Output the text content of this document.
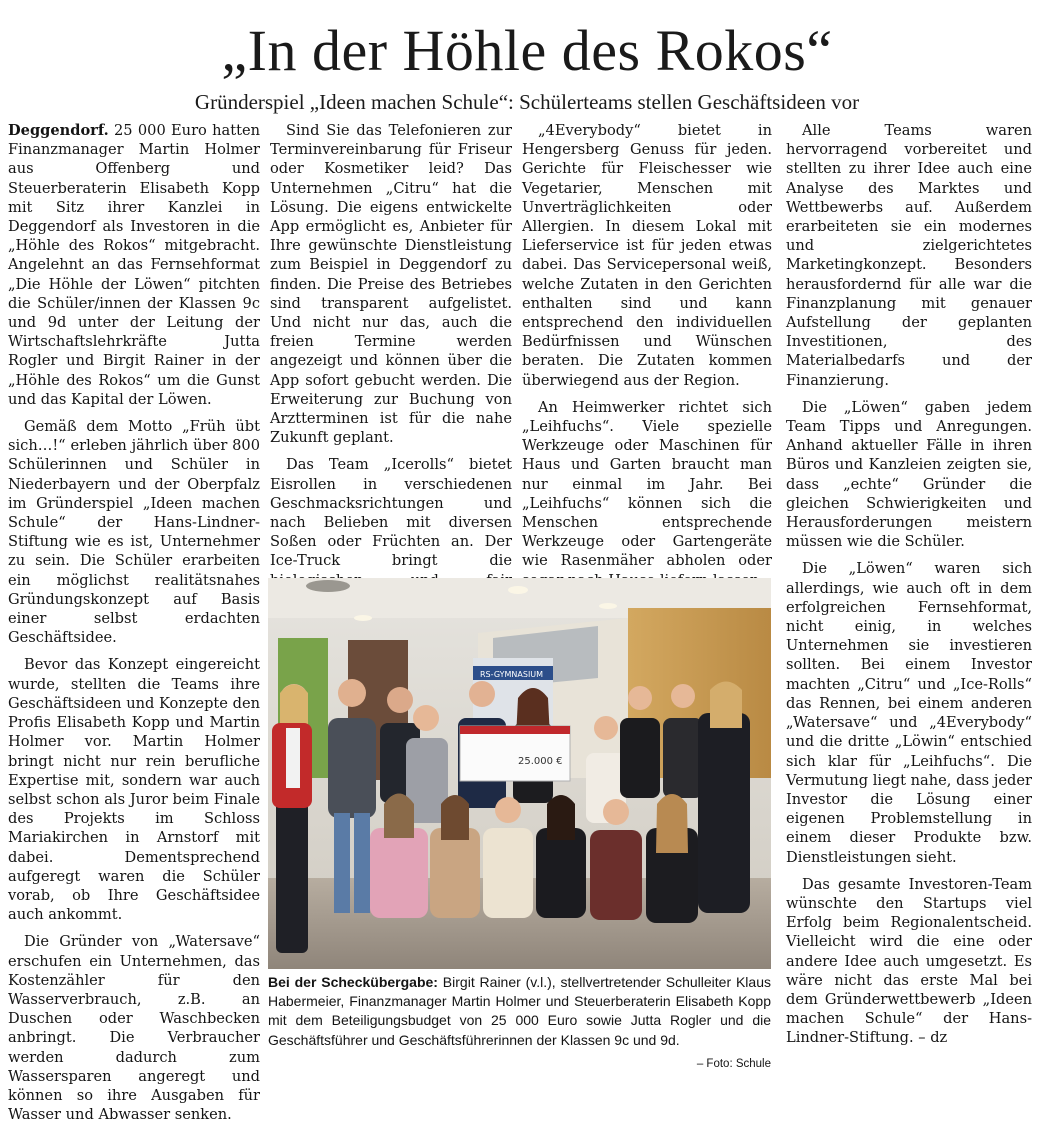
„In der Höhle des Rokos“
Gründerspiel „Ideen machen Schule“: Schülerteams stellen Geschäftsideen vor

Deggendorf. 25 000 Euro hatten Finanzmanager Martin Holmer aus Offenberg und Steuerberaterin Elisabeth Kopp mit Sitz ihrer Kanzlei in Deggendorf als Investoren in die „Höhle des Rokos“ mitgebracht. Angelehnt an das Fernsehformat „Die Höhle der Löwen“ pitchten die Schüler/innen der Klassen 9c und 9d unter der Leitung der Wirtschaftslehrkräfte Jutta Rogler und Birgit Rainer in der „Höhle des Rokos“ um die Gunst und das Kapital der Löwen.

Gemäß dem Motto „Früh übt sich…!“ erleben jährlich über 800 Schülerinnen und Schüler in Niederbayern und der Oberpfalz im Gründerspiel „Ideen machen Schule“ der Hans-Lindner-Stiftung wie es ist, Unternehmer zu sein. Die Schüler erarbeiten ein möglichst realitätsnahes Gründungskonzept auf Basis einer selbst erdachten Geschäftsidee.

Bevor das Konzept eingereicht wurde, stellten die Teams ihre Geschäftsideen und Konzepte den Profis Elisabeth Kopp und Martin Holmer vor. Martin Holmer bringt nicht nur rein berufliche Expertise mit, sondern war auch selbst schon als Juror beim Finale des Projekts im Schloss Mariakirchen in Arnstorf mit dabei. Dementsprechend aufgeregt waren die Schüler vorab, ob Ihre Geschäftsidee auch ankommt.

Die Gründer von „Watersave“ erschufen ein Unternehmen, das Kostenzähler für den Wasserverbrauch, z.B. an Duschen oder Waschbecken anbringt. Die Verbraucher werden dadurch zum Wassersparen angeregt und können so ihre Ausgaben für Wasser und Abwasser senken.

Sind Sie das Telefonieren zur Terminvereinbarung für Friseur oder Kosmetiker leid? Das Unternehmen „Citru“ hat die Lösung. Die eigens entwickelte App ermöglicht es, Anbieter für Ihre gewünschte Dienstleistung zum Beispiel in Deggendorf zu finden. Die Preise des Betriebes sind transparent aufgelistet. Und nicht nur das, auch die freien Termine werden angezeigt und können über die App sofort gebucht werden. Die Erweiterung zur Buchung von Arztterminen ist für die nahe Zukunft geplant.

Das Team „Icerolls“ bietet Eisrollen in verschiedenen Geschmacksrichtungen und nach Belieben mit diversen Soßen oder Früchten an. Der Ice-Truck bringt die

„4Everybody“ bietet in Hengersberg Genuss für jeden. Gerichte für Fleischesser wie Vegetarier, Menschen mit Unverträglichkeiten oder Allergien. In diesem Lokal mit Lieferservice ist für jeden etwas dabei. Das Servicepersonal weiß, welche Zutaten in den Gerichten enthalten sind und kann entsprechend den individuellen Bedürfnissen und Wünschen beraten. Die Zutaten kommen überwiegend aus der Region.

An Heimwerker richtet sich „Leihfuchs“. Viele spezielle Werkzeuge oder Maschinen für Haus und Garten braucht man nur einmal im Jahr. Bei „Leihfuchs“ können sich die Menschen entsprechende Werkzeuge oder Gartengeräte wie Rasenmäher abholen oder

Alle Teams waren hervorragend vorbereitet und stellten zu ihrer Idee auch eine Analyse des Marktes und Wettbewerbs auf. Außerdem erarbeiteten sie ein modernes und zielgerichtetes Marketingkonzept. Besonders herausfordernd für alle war die Finanzplanung mit genauer Aufstellung der geplanten Investitionen, des Materialbedarfs und der Finanzierung.

Die „Löwen“ gaben jedem Team Tipps und Anregungen. Anhand aktueller Fälle in ihren Büros und Kanzleien zeigten sie, dass „echte“ Gründer die gleichen Schwierigkeiten und Herausforderungen meistern müssen wie die Schüler.

Die „Löwen“ waren sich allerdings, wie auch oft in dem erfolgreichen Fernsehformat, nicht einig, in welches Unternehmen sie investieren sollten. Bei einem Investor machten „Citru“ und „Ice-Rolls“ das Rennen, bei einem anderen „Watersave“ und „4Everybody“ und die dritte „Löwin“ entschied sich klar für „Leihfuchs“. Die Vermutung liegt nahe, dass jeder Investor die Lösung einer eigenen Problemstellung in einem dieser Produkte bzw. Dienstleistungen sieht.

Das gesamte Investoren-Team wünschte den Startups viel Erfolg beim Regionalentscheid. Vielleicht wird die eine oder andere Idee auch umgesetzt. Es wäre nicht das erste Mal bei dem Gründerwettbewerb „Ideen machen Schule“ der Hans-Lindner-Stiftung. – dz

RS-GYMNASIUM
25.000 €
Bei der Scheckübergabe: Birgit Rainer (v.l.), stellvertretender Schulleiter Klaus Habermeier, Finanzmanager Martin Holmer und Steuerberaterin Elisabeth Kopp mit dem Beteiligungsbudget von 25 000 Euro sowie Jutta Rogler und die Geschäftsführer und Geschäftsführerinnen der Klassen 9c und 9d.
– Foto: Schule
